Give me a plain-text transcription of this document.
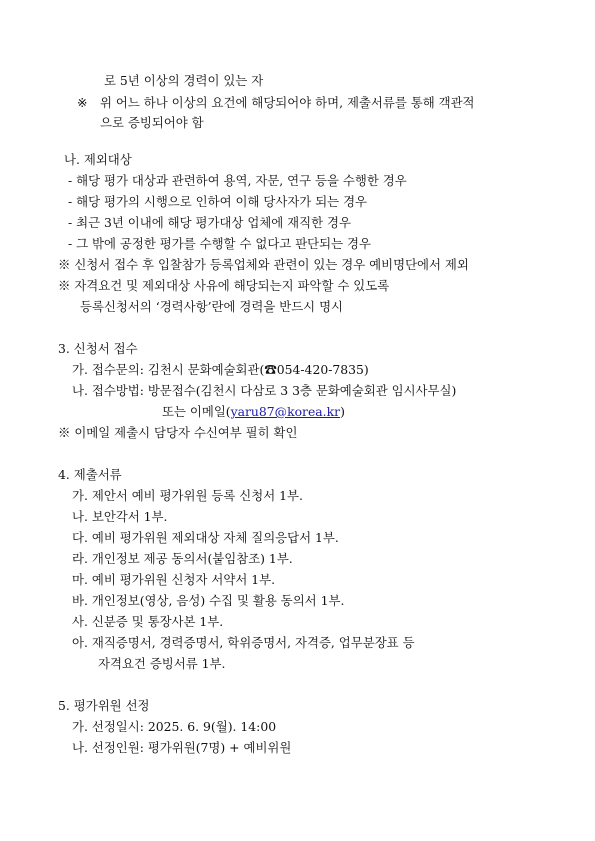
로 5년 이상의 경력이 있는 자
※ 위 어느 하나 이상의 요건에 해당되어야 하며, 제출서류를 통해 객관적
으로 증빙되어야 함
나. 제외대상
- 해당 평가 대상과 관련하여 용역, 자문, 연구 등을 수행한 경우
- 해당 평가의 시행으로 인하여 이해 당사자가 되는 경우
- 최근 3년 이내에 해당 평가대상 업체에 재직한 경우
- 그 밖에 공정한 평가를 수행할 수 없다고 판단되는 경우
※ 신청서 접수 후 입찰참가 등록업체와 관련이 있는 경우 예비명단에서 제외
※ 자격요건 및 제외대상 사유에 해당되는지 파악할 수 있도록
등록신청서의 ‘경력사항’란에 경력을 반드시 명시
3. 신청서 접수
가. 접수문의: 김천시 문화예술회관(☎054-420-7835)
나. 접수방법: 방문접수(김천시 다삼로 3 3층 문화예술회관 임시사무실)
또는 이메일(yaru87@korea.kr)
※ 이메일 제출시 담당자 수신여부 필히 확인
4. 제출서류
가. 제안서 예비 평가위원 등록 신청서 1부.
나. 보안각서 1부.
다. 예비 평가위원 제외대상 자체 질의응답서 1부.
라. 개인정보 제공 동의서(붙임참조) 1부.
마. 예비 평가위원 신청자 서약서 1부.
바. 개인정보(영상, 음성) 수집 및 활용 동의서 1부.
사. 신분증 및 통장사본 1부.
아. 재직증명서, 경력증명서, 학위증명서, 자격증, 업무분장표 등
자격요건 증빙서류 1부.
5. 평가위원 선정
가. 선정일시: 2025. 6. 9(월). 14:00
나. 선정인원: 평가위원(7명) + 예비위원
